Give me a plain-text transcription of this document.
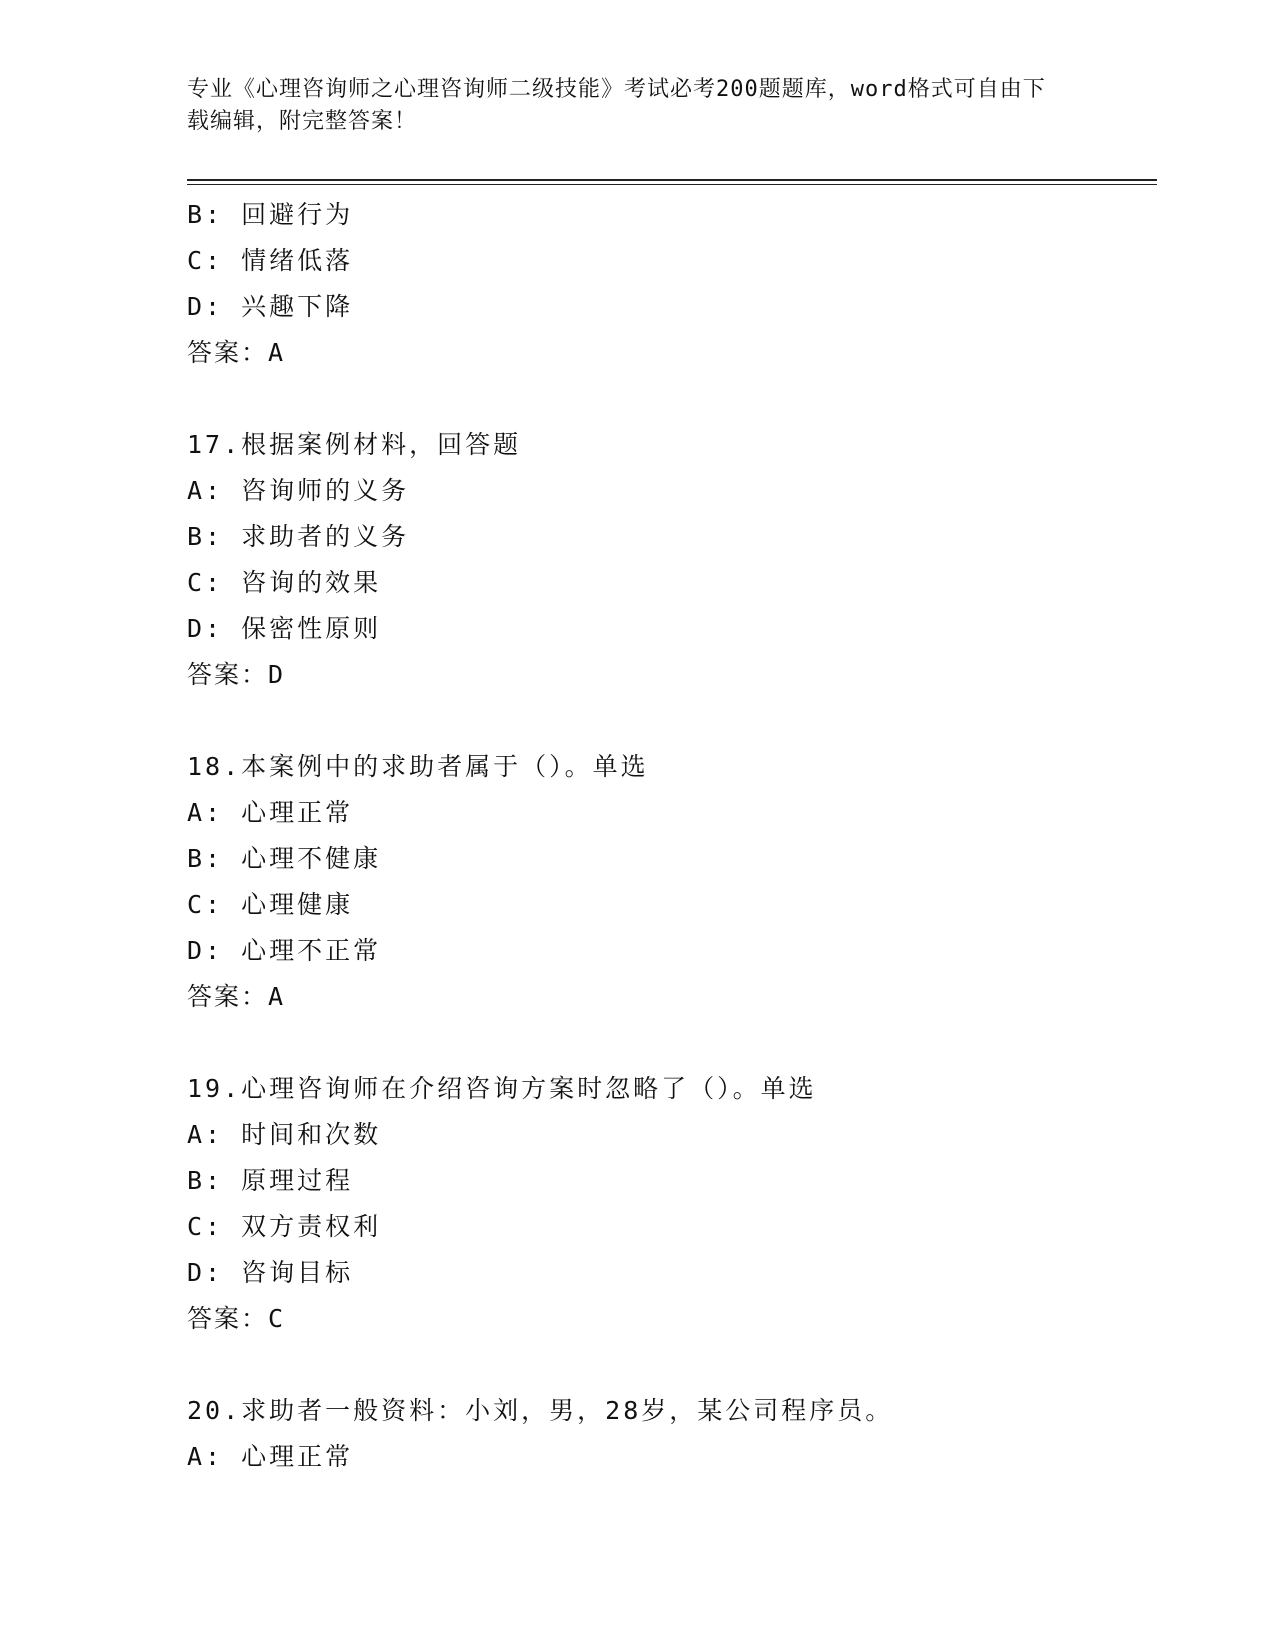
专业《心理咨询师之心理咨询师二级技能》考试必考200题题库，word格式可自由下载编辑，附完整答案！
B: 回避行为
C: 情绪低落
D: 兴趣下降
答案：A
17.根据案例材料，回答题
A: 咨询师的义务
B: 求助者的义务
C: 咨询的效果
D: 保密性原则
答案：D
18.本案例中的求助者属于（）。单选
A: 心理正常
B: 心理不健康
C: 心理健康
D: 心理不正常
答案：A
19.心理咨询师在介绍咨询方案时忽略了（）。单选
A: 时间和次数
B: 原理过程
C: 双方责权利
D: 咨询目标
答案：C
20.求助者一般资料：小刘，男，28岁，某公司程序员。
A: 心理正常
